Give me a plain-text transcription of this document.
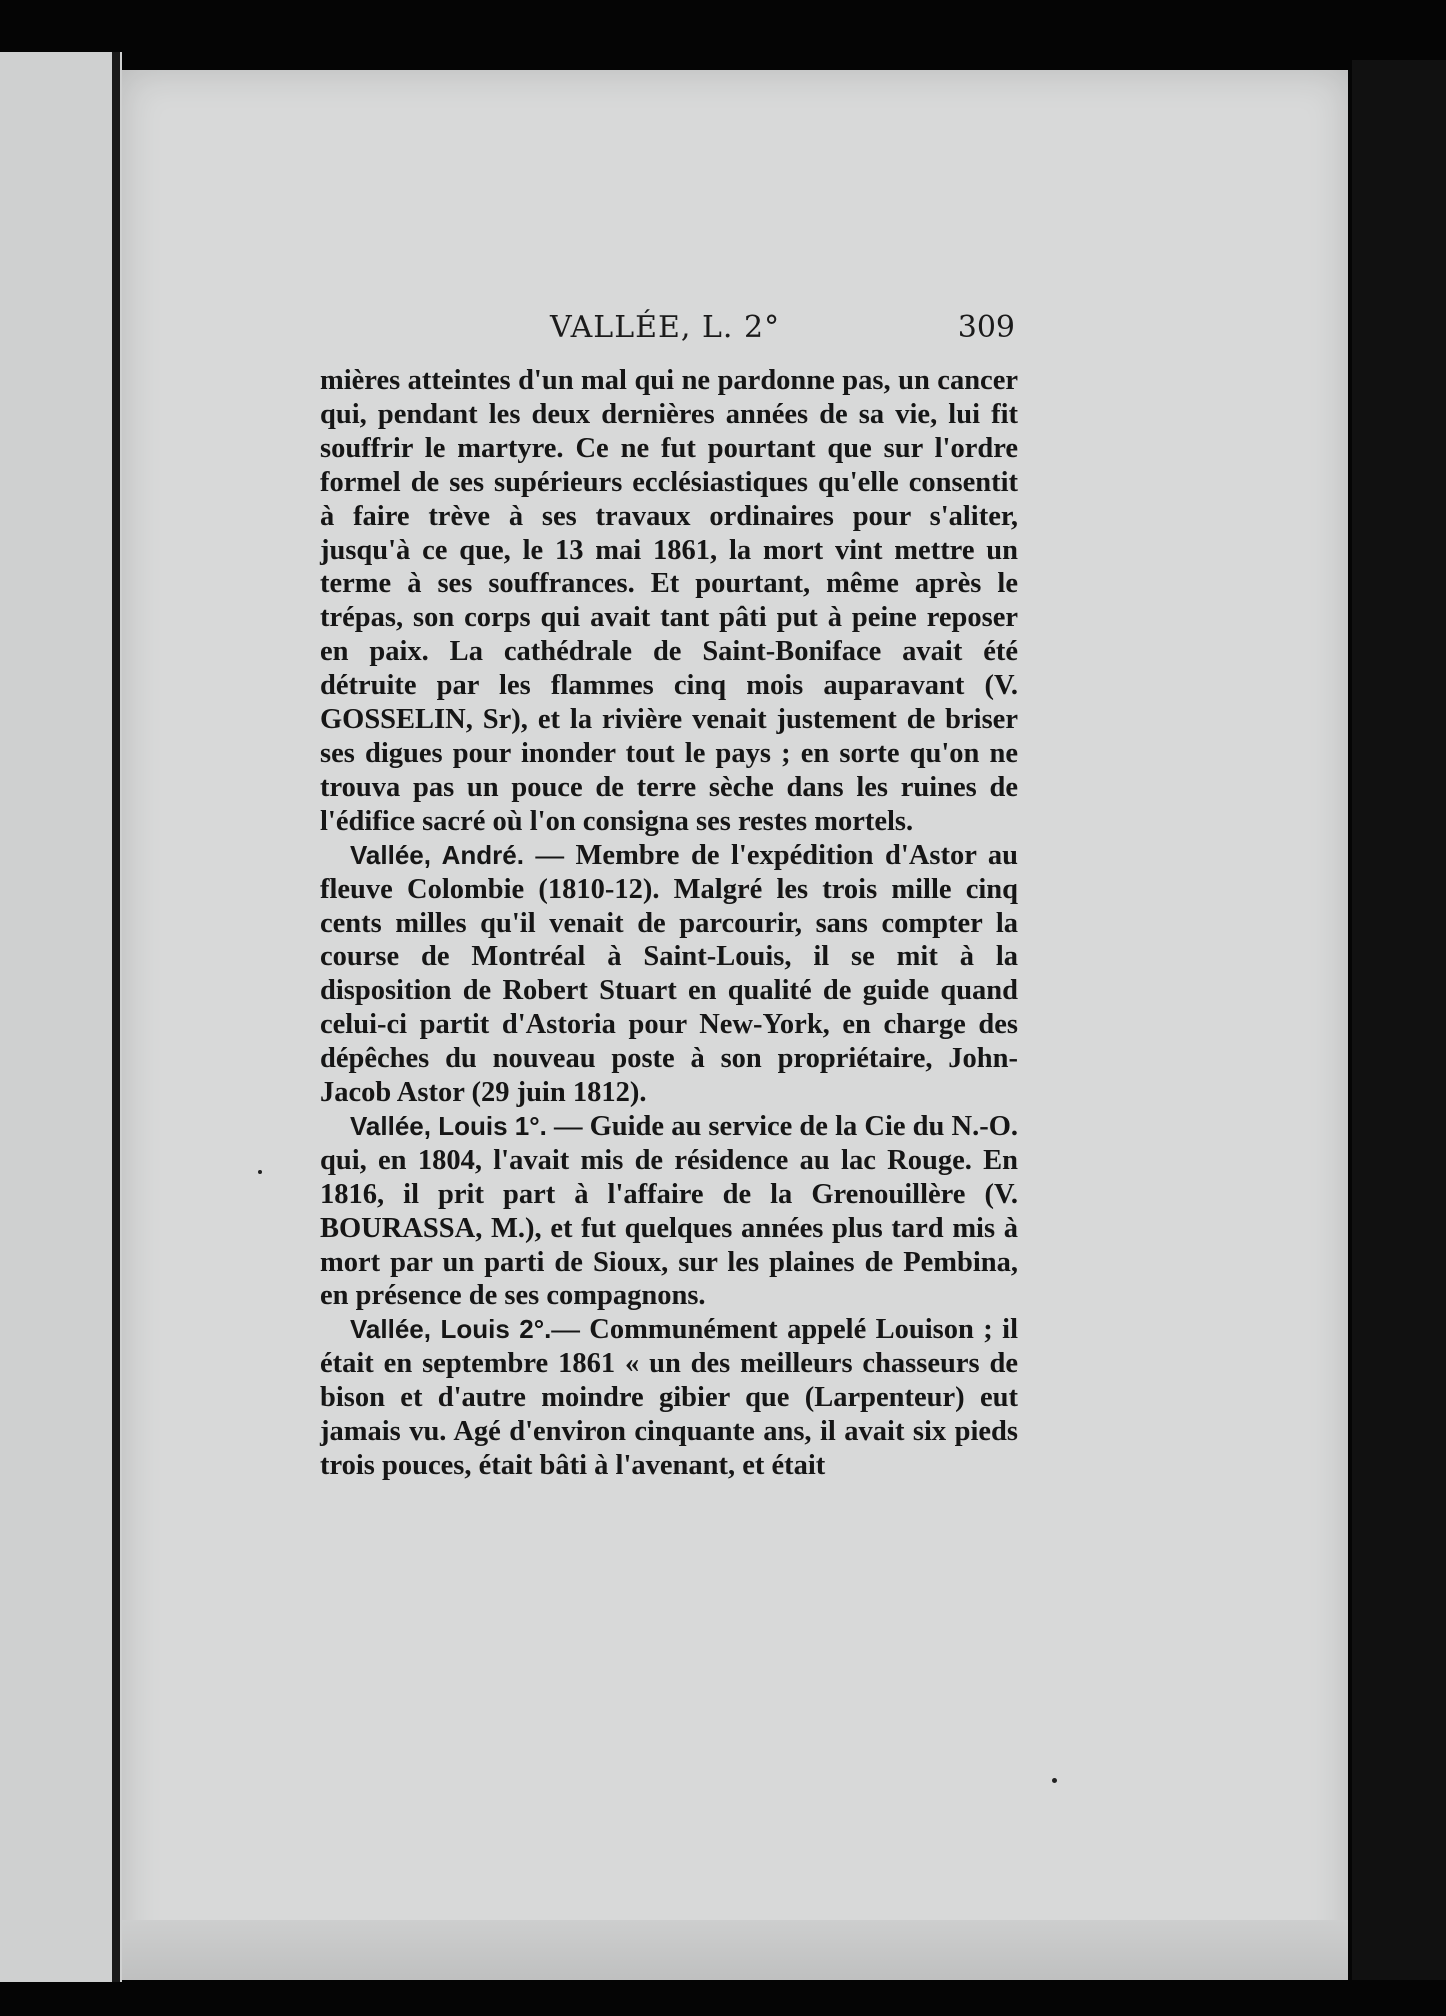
VALLÉE, L. 2°	309

mières atteintes d'un mal qui ne pardonne pas, un cancer qui, pendant les deux dernières années de sa vie, lui fit souffrir le martyre. Ce ne fut pourtant que sur l'ordre formel de ses supérieurs ecclésiastiques qu'elle consentit à faire trève à ses travaux ordinaires pour s'aliter, jusqu'à ce que, le 13 mai 1861, la mort vint mettre un terme à ses souffrances. Et pourtant, même après le trépas, son corps qui avait tant pâti put à peine reposer en paix. La cathédrale de Saint-Boniface avait été détruite par les flammes cinq mois auparavant (V. GOSSELIN, Sr), et la rivière venait justement de briser ses digues pour inonder tout le pays ; en sorte qu'on ne trouva pas un pouce de terre sèche dans les ruines de l'édifice sacré où l'on consigna ses restes mortels.

Vallée, André. — Membre de l'expédition d'Astor au fleuve Colombie (1810-12). Malgré les trois mille cinq cents milles qu'il venait de parcourir, sans compter la course de Montréal à Saint-Louis, il se mit à la disposition de Robert Stuart en qualité de guide quand celui-ci partit d'Astoria pour New-York, en charge des dépêches du nouveau poste à son propriétaire, John-Jacob Astor (29 juin 1812).

Vallée, Louis 1°. — Guide au service de la Cie du N.-O. qui, en 1804, l'avait mis de résidence au lac Rouge. En 1816, il prit part à l'affaire de la Grenouillère (V. BOURASSA, M.), et fut quelques années plus tard mis à mort par un parti de Sioux, sur les plaines de Pembina, en présence de ses compagnons.

Vallée, Louis 2°.— Communément appelé Louison ; il était en septembre 1861 « un des meilleurs chasseurs de bison et d'autre moindre gibier que (Larpenteur) eut jamais vu. Agé d'environ cinquante ans, il avait six pieds trois pouces, était bâti à l'avenant, et était
